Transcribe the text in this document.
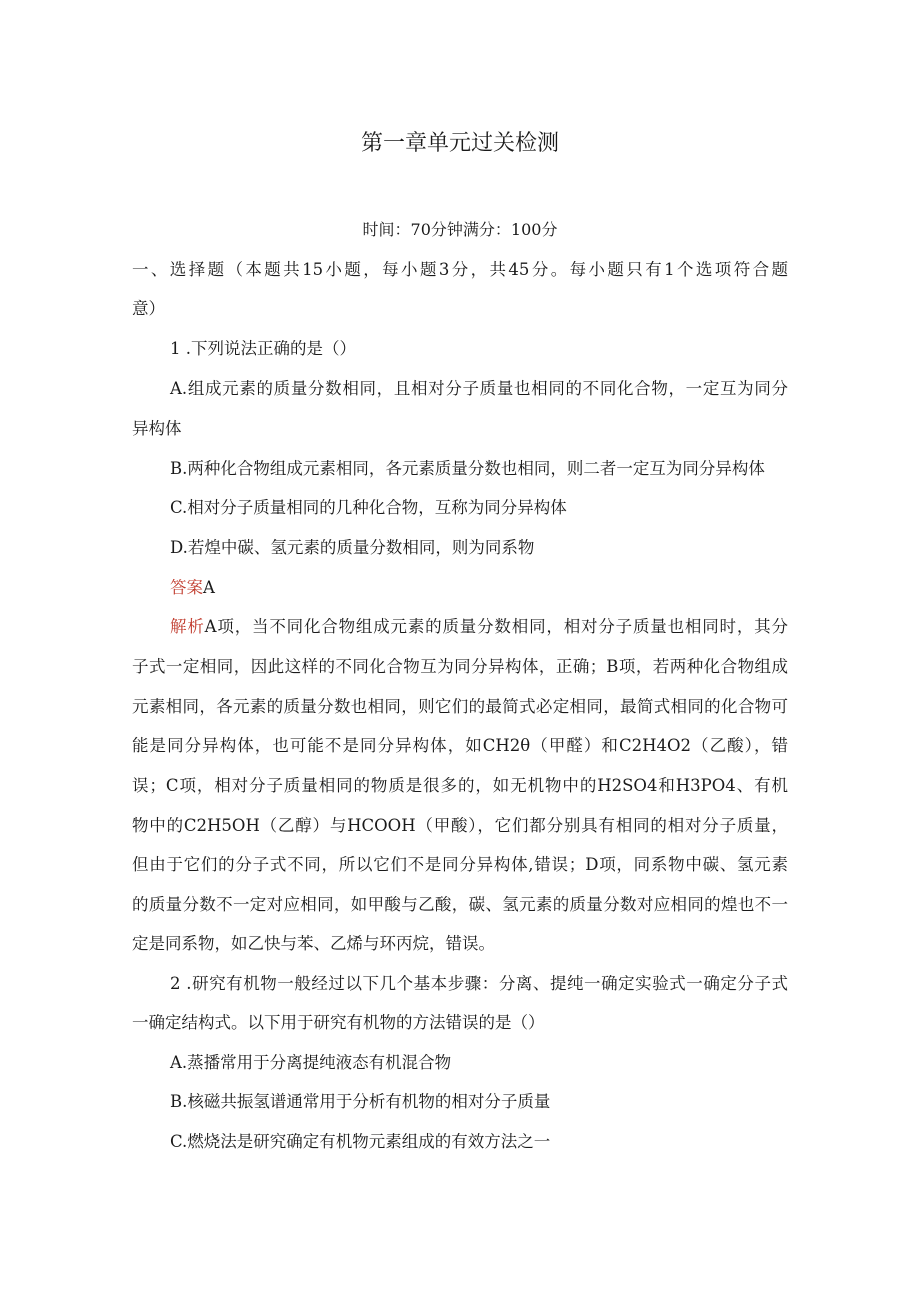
第一章单元过关检测
时间：70分钟满分：100分
一、选择题（本题共15小题，每小题3分，共45分。每小题只有1个选项符合题
意）
1 .下列说法正确的是（）
A.组成元素的质量分数相同，且相对分子质量也相同的不同化合物，一定互为同分
异构体
B.两种化合物组成元素相同，各元素质量分数也相同，则二者一定互为同分异构体
C.相对分子质量相同的几种化合物，互称为同分异构体
D.若煌中碳、氢元素的质量分数相同，则为同系物
答案A
解析A项，当不同化合物组成元素的质量分数相同，相对分子质量也相同时，其分
子式一定相同，因此这样的不同化合物互为同分异构体，正确；B项，若两种化合物组成
元素相同，各元素的质量分数也相同，则它们的最简式必定相同，最简式相同的化合物可
能是同分异构体，也可能不是同分异构体，如CH2θ（甲醛）和C2H4O2（乙酸），错
误；C项，相对分子质量相同的物质是很多的，如无机物中的H2SO4和H3PO4、有机
物中的C2H5OH（乙醇）与HCOOH（甲酸），它们都分别具有相同的相对分子质量，
但由于它们的分子式不同，所以它们不是同分异构体,错误；D项，同系物中碳、氢元素
的质量分数不一定对应相同，如甲酸与乙酸，碳、氢元素的质量分数对应相同的煌也不一
定是同系物，如乙快与苯、乙烯与环丙烷，错误。
2 .研究有机物一般经过以下几个基本步骤：分离、提纯一确定实验式一确定分子式
一确定结构式。以下用于研究有机物的方法错误的是（）
A.蒸播常用于分离提纯液态有机混合物
B.核磁共振氢谱通常用于分析有机物的相对分子质量
C.燃烧法是研究确定有机物元素组成的有效方法之一
